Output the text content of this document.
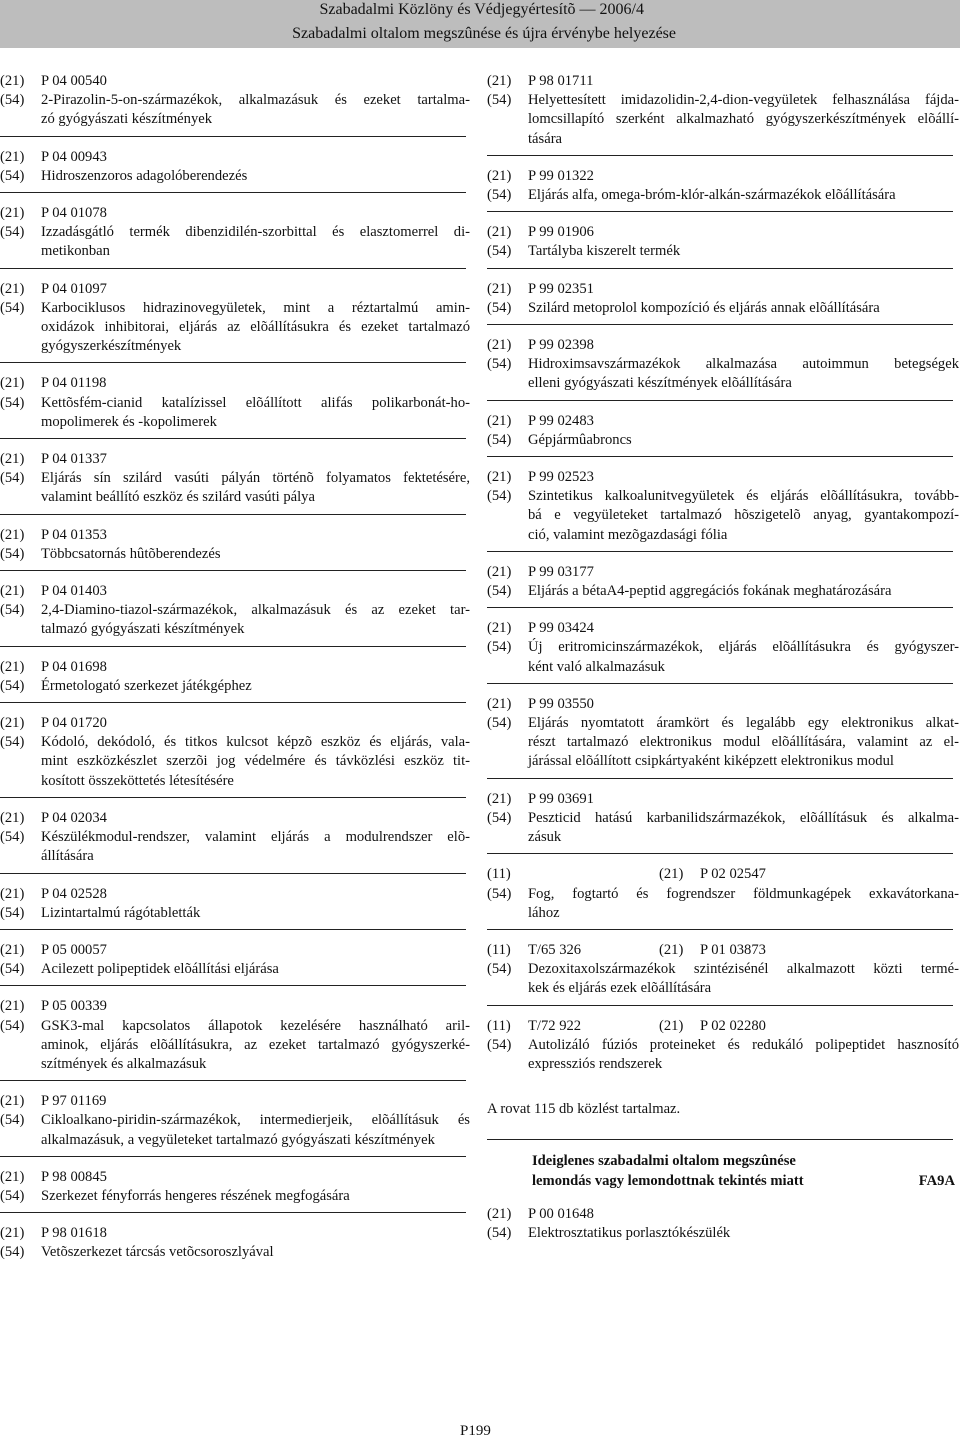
Szabadalmi Közlöny és Védjegyértesítõ — 2006/4
Szabadalmi oltalom megszûnése és újra érvénybe helyezése
(21)	P 04 00540
(54)	2-Pirazolin-5-on-származékok, alkalmazásuk és ezeket tartalma-
zó gyógyászati készítmények
(21)	P 04 00943
(54)	Hidroszenzoros adagolóberendezés
(21)	P 04 01078
(54)	Izzadásgátló termék dibenzidilén-szorbittal és elasztomerrel di-
metikonban
(21)	P 04 01097
(54)	Karbociklusos hidrazinovegyületek, mint a réztartalmú amin-
oxidázok inhibitorai, eljárás az elõállításukra és ezeket tartalmazó
gyógyszerkészítmények
(21)	P 04 01198
(54)	Kettõsfém-cianid katalízissel elõállított alifás polikarbonát-ho-
mopolimerek és -kopolimerek
(21)	P 04 01337
(54)	Eljárás sín szilárd vasúti pályán történõ folyamatos fektetésére,
valamint beállító eszköz és szilárd vasúti pálya
(21)	P 04 01353
(54)	Többcsatornás hûtõberendezés
(21)	P 04 01403
(54)	2,4-Diamino-tiazol-származékok, alkalmazásuk és az ezeket tar-
talmazó gyógyászati készítmények
(21)	P 04 01698
(54)	Érmetologató szerkezet játékgéphez
(21)	P 04 01720
(54)	Kódoló, dekódoló, és titkos kulcsot képzõ eszköz és eljárás, vala-
mint eszközkészlet szerzõi jog védelmére és távközlési eszköz tit-
kosított összeköttetés létesítésére
(21)	P 04 02034
(54)	Készülékmodul-rendszer, valamint eljárás a modulrendszer elõ-
állítására
(21)	P 04 02528
(54)	Lizintartalmú rágótabletták
(21)	P 05 00057
(54)	Acilezett polipeptidek elõállítási eljárása
(21)	P 05 00339
(54)	GSK3-mal kapcsolatos állapotok kezelésére használható aril-
aminok, eljárás elõállításukra, az ezeket tartalmazó gyógyszerké-
szítmények és alkalmazásuk
(21)	P 97 01169
(54)	Cikloalkano-piridin-származékok, intermedierjeik, elõállításuk és
alkalmazásuk, a vegyületeket tartalmazó gyógyászati készítmények
(21)	P 98 00845
(54)	Szerkezet fényforrás hengeres részének megfogására
(21)	P 98 01618
(54)	Vetõszerkezet tárcsás vetõcsoroszlyával
(21)	P 98 01711
(54)	Helyettesített imidazolidin-2,4-dion-vegyületek felhasználása fájda-
lomcsillapító szerként alkalmazható gyógyszerkészítmények elõállí-
tására
(21)	P 99 01322
(54)	Eljárás alfa, omega-bróm-klór-alkán-származékok elõállítására
(21)	P 99 01906
(54)	Tartályba kiszerelt termék
(21)	P 99 02351
(54)	Szilárd metoprolol kompozíció és eljárás annak elõállítására
(21)	P 99 02398
(54)	Hidroximsavszármazékok alkalmazása autoimmun betegségek
elleni gyógyászati készítmények elõállítására
(21)	P 99 02483
(54)	Gépjármûabroncs
(21)	P 99 02523
(54)	Szintetikus kalkoalunitvegyületek és eljárás elõállításukra, tovább-
bá e vegyületeket tartalmazó hõszigetelõ anyag, gyantakompozí-
ció, valamint mezõgazdasági fólia
(21)	P 99 03177
(54)	Eljárás a bétaA4-peptid aggregációs fokának meghatározására
(21)	P 99 03424
(54)	Új eritromicinszármazékok, eljárás elõállításukra és gyógyszer-
ként való alkalmazásuk
(21)	P 99 03550
(54)	Eljárás nyomtatott áramkört és legalább egy elektronikus alkat-
részt tartalmazó elektronikus modul elõállítására, valamint az el-
járással elõállított csipkártyaként kiképzett elektronikus modul
(21)	P 99 03691
(54)	Peszticid hatású karbanilidszármazékok, elõállításuk és alkalma-
zásuk
(11)	(21)	P 02 02547
(54)	Fog, fogtartó és fogrendszer földmunkagépek exkavátorkana-
lához
(11)	T/65 326	(21)	P 01 03873
(54)	Dezoxitaxolszármazékok szintézisénél alkalmazott közti termé-
kek és eljárás ezek elõállítására
(11)	T/72 922	(21)	P 02 02280
(54)	Autolizáló fúziós proteineket és redukáló polipeptidet hasznosító
expressziós rendszerek
A rovat 115 db közlést tartalmaz.
Ideiglenes szabadalmi oltalom megszûnése
lemondás vagy lemondottnak tekintés miatt	FA9A
(21)	P 00 01648
(54)	Elektrosztatikus porlasztókészülék
P199
